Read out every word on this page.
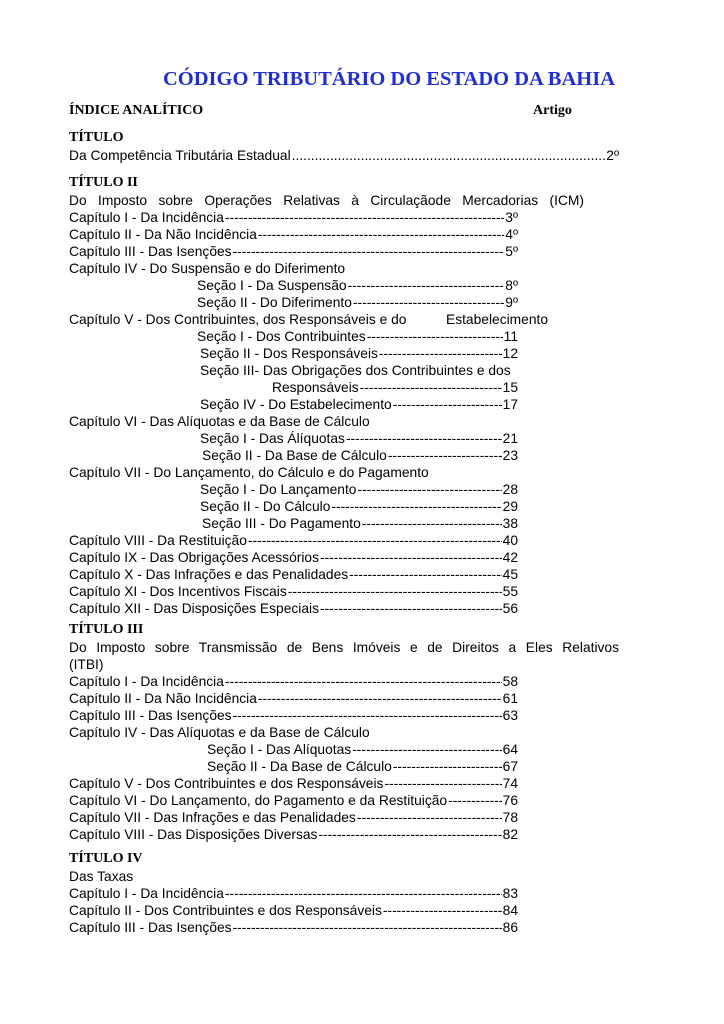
CÓDIGO TRIBUTÁRIO DO ESTADO DA BAHIA
ÍNDICE ANALÍTICO	Artigo
TÍTULO
Da Competência Tributária Estadual .....	2º
TÍTULO II
Do Imposto sobre Operações Relativas à Circulaçãode Mercadorias (ICM)
Capítulo I - Da Incidência -----	3º
Capítulo II - Da Não Incidência -----	4º
Capítulo III - Das Isenções -----	5º
Capítulo IV - Do Suspensão e do Diferimento
Seção I - Da Suspensão -----	8º
Seção II - Do Diferimento -----	9º
Capítulo V - Dos Contribuintes, dos Responsáveis e do	Estabelecimento
Seção I - Dos Contribuintes -----	11
Seção II - Dos Responsáveis -----	12
Seção III- Das Obrigações dos Contribuintes e dos
Responsáveis -----	15
Seção IV - Do Estabelecimento -----	17
Capítulo VI - Das Alíquotas e da Base de Cálculo
Seção I - Das Álíquotas -----	21
Seção II - Da Base de Cálculo -----	23
Capítulo VII - Do Lançamento, do Cálculo e do Pagamento
Seção I - Do Lançamento -----	28
Seção II - Do Cálculo -----	29
Seção III - Do Pagamento -----	38
Capítulo VIII - Da Restituição -----	40
Capítulo IX - Das Obrigações Acessórios -----	42
Capítulo X - Das Infrações e das Penalidades -----	45
Capítulo XI - Dos Incentivos Fiscais -----	55
Capítulo XII - Das Disposições Especiais -----	56
TÍTULO III
Do Imposto sobre Transmissão de Bens Imóveis e de Direitos a Eles Relativos
(ITBI)
Capítulo I - Da Incidência -----	58
Capítulo II - Da Não Incidência -----	61
Capítulo III - Das Isenções -----	63
Capítulo IV - Das Alíquotas e da Base de Cálculo
Seção I - Das Alíquotas -----	64
Seção II - Da Base de Cálculo -----	67
Capítulo V - Dos Contribuintes e dos Responsáveis -----	74
Capítulo VI - Do Lançamento, do Pagamento e da Restituição -----	76
Capítulo VII - Das Infrações e das Penalidades -----	78
Capítulo VIII - Das Disposições Diversas -----	82
TÍTULO IV
Das Taxas
Capítulo I - Da Incidência -----	83
Capítulo II - Dos Contribuintes e dos Responsáveis -----	84
Capítulo III - Das Isenções -----	86
